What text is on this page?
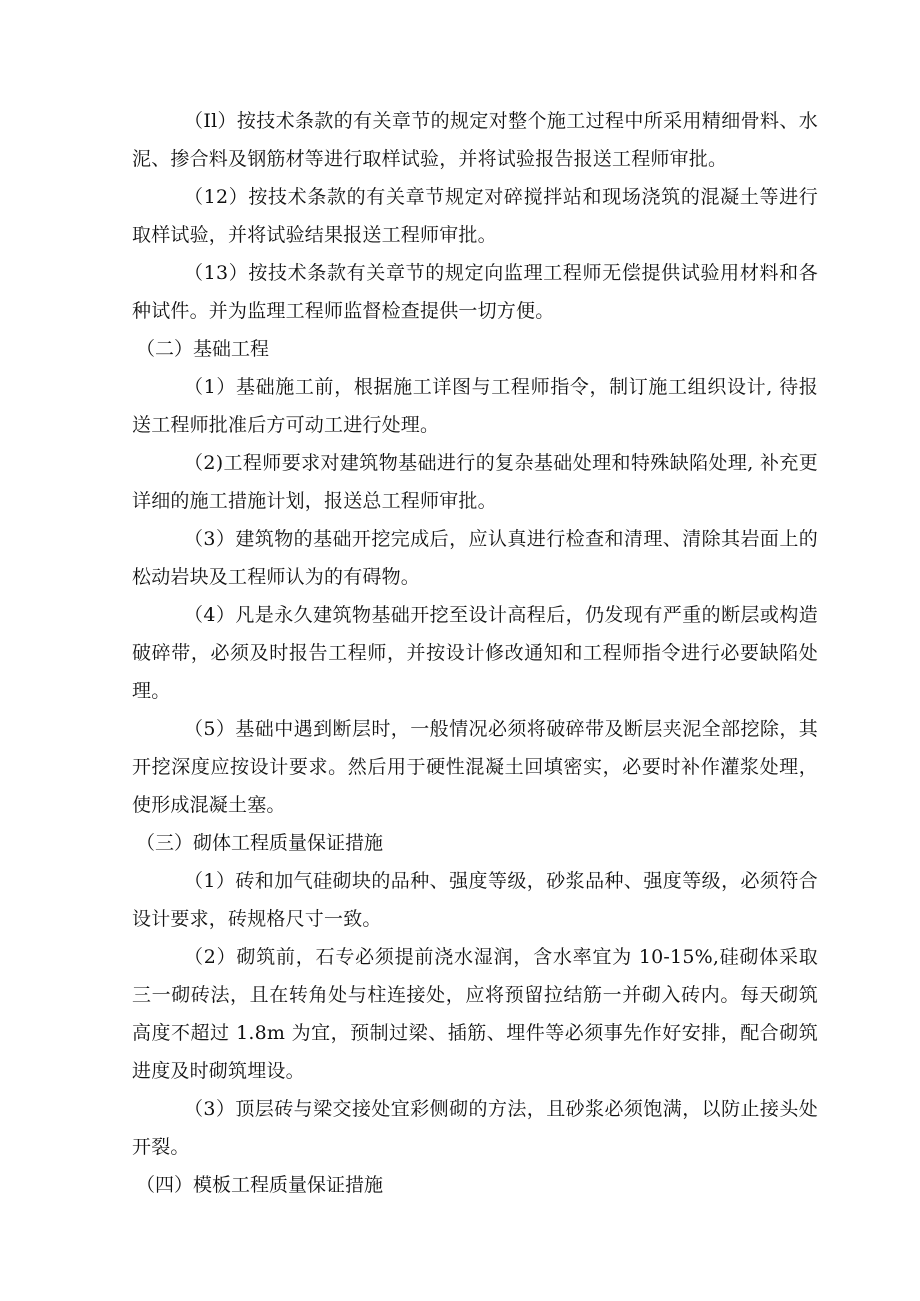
（Il）按技术条款的有关章节的规定对整个施工过程中所采用精细骨料、水泥、掺合料及钢筋材等进行取样试验，并将试验报告报送工程师审批。

（12）按技术条款的有关章节规定对碎搅拌站和现场浇筑的混凝土等进行取样试验，并将试验结果报送工程师审批。

（13）按技术条款有关章节的规定向监理工程师无偿提供试验用材料和各种试件。并为监理工程师监督检查提供一切方便。

（二）基础工程

（1）基础施工前，根据施工详图与工程师指令，制订施工组织设计, 待报送工程师批准后方可动工进行处理。

（2)工程师要求对建筑物基础进行的复杂基础处理和特殊缺陷处理, 补充更详细的施工措施计划，报送总工程师审批。

（3）建筑物的基础开挖完成后，应认真进行检查和清理、清除其岩面上的松动岩块及工程师认为的有碍物。

（4）凡是永久建筑物基础开挖至设计高程后，仍发现有严重的断层或构造破碎带，必须及时报告工程师，并按设计修改通知和工程师指令进行必要缺陷处理。

（5）基础中遇到断层时，一般情况必须将破碎带及断层夹泥全部挖除，其开挖深度应按设计要求。然后用于硬性混凝土回填密实，必要时补作灌浆处理，使形成混凝土塞。

（三）砌体工程质量保证措施

（1）砖和加气硅砌块的品种、强度等级，砂浆品种、强度等级，必须符合设计要求，砖规格尺寸一致。

（2）砌筑前，石专必须提前浇水湿润，含水率宜为 10-15%,硅砌体采取三一砌砖法，且在转角处与柱连接处，应将预留拉结筋一并砌入砖内。每天砌筑高度不超过 1.8m 为宜，预制过梁、插筋、埋件等必须事先作好安排，配合砌筑进度及时砌筑埋设。

（3）顶层砖与梁交接处宜彩侧砌的方法，且砂浆必须饱满，以防止接头处开裂。

（四）模板工程质量保证措施
